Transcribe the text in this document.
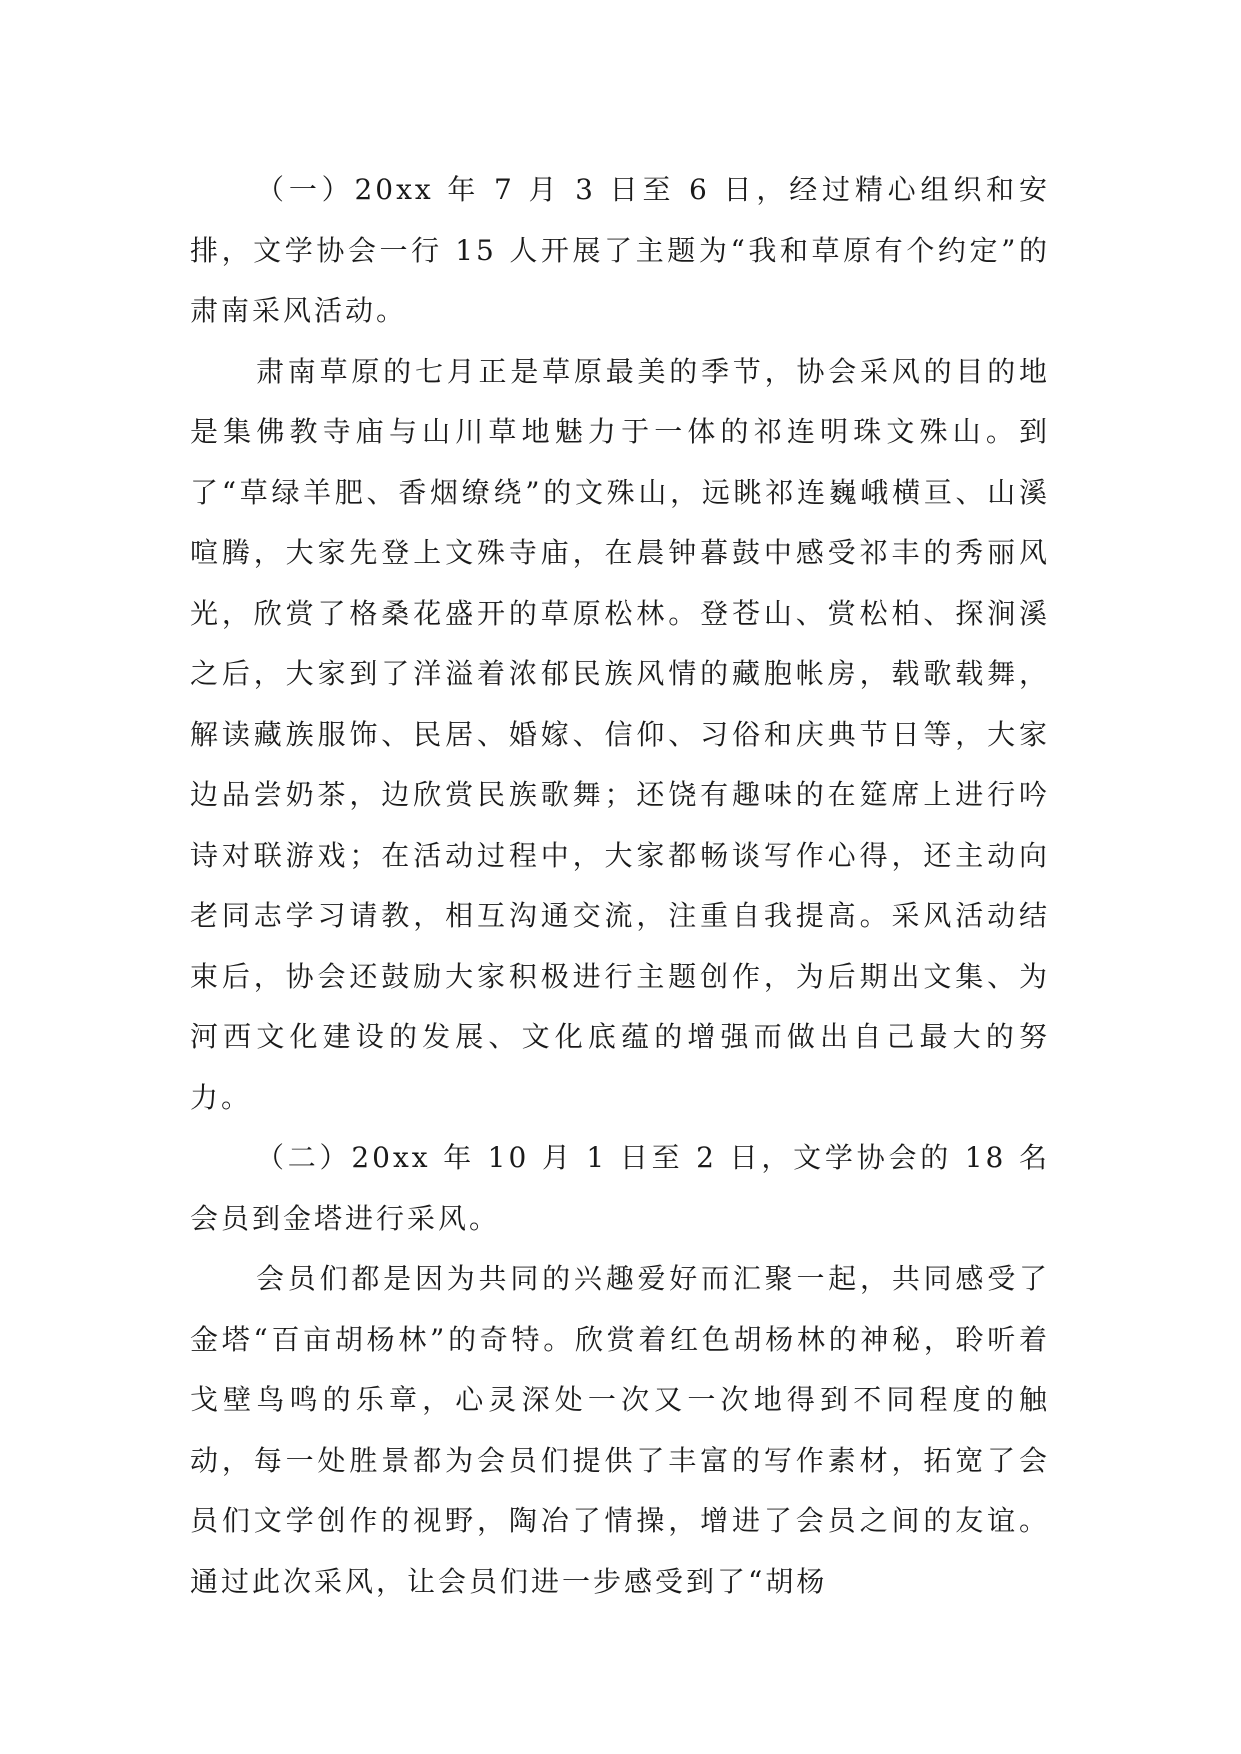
（一）20xx 年 7 月 3 日至 6 日，经过精心组织和安排，文学协会一行 15 人开展了主题为“我和草原有个约定”的肃南采风活动。

肃南草原的七月正是草原最美的季节，协会采风的目的地是集佛教寺庙与山川草地魅力于一体的祁连明珠文殊山。到了“草绿羊肥、香烟缭绕”的文殊山，远眺祁连巍峨横亘、山溪喧腾，大家先登上文殊寺庙，在晨钟暮鼓中感受祁丰的秀丽风光，欣赏了格桑花盛开的草原松林。登苍山、赏松柏、探涧溪之后，大家到了洋溢着浓郁民族风情的藏胞帐房，载歌载舞，解读藏族服饰、民居、婚嫁、信仰、习俗和庆典节日等，大家边品尝奶茶，边欣赏民族歌舞；还饶有趣味的在筵席上进行吟诗对联游戏；在活动过程中，大家都畅谈写作心得，还主动向老同志学习请教，相互沟通交流，注重自我提高。采风活动结束后，协会还鼓励大家积极进行主题创作，为后期出文集、为河西文化建设的发展、文化底蕴的增强而做出自己最大的努力。

（二）20xx 年 10 月 1 日至 2 日，文学协会的 18 名会员到金塔进行采风。

会员们都是因为共同的兴趣爱好而汇聚一起，共同感受了金塔“百亩胡杨林”的奇特。欣赏着红色胡杨林的神秘，聆听着戈壁鸟鸣的乐章，心灵深处一次又一次地得到不同程度的触动，每一处胜景都为会员们提供了丰富的写作素材，拓宽了会员们文学创作的视野，陶冶了情操，增进了会员之间的友谊。通过此次采风，让会员们进一步感受到了“胡杨
